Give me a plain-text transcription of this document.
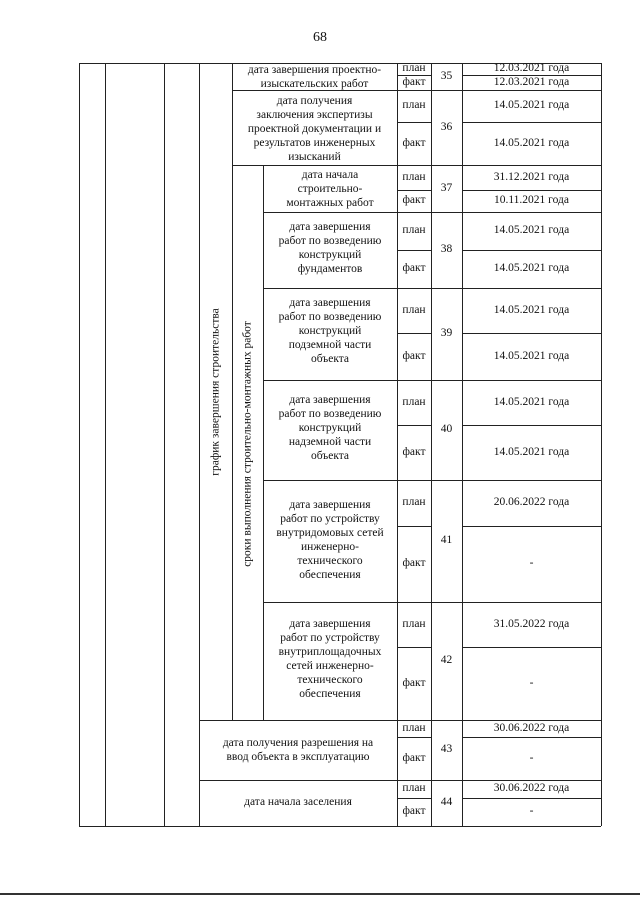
68
дата завершения проектно-
изыскательских работ
план
факт	35
12.03.2021 года
12.03.2021 года
дата получения
заключения экспертизы
проектной документации и
результатов инженерных
изысканий
план
факт
36
14.05.2021 года
14.05.2021 года
дата начала
строительно-
монтажных работ
план
факт
37
31.12.2021 года
10.11.2021 года
дата завершения
работ по возведению
конструкций
фундаментов
план
факт
38
14.05.2021 года
14.05.2021 года
дата завершения
работ по возведению
конструкций
подземной части
объекта
план
факт
39
14.05.2021 года
14.05.2021 года
дата завершения
работ по возведению
конструкций
надземной части
объекта
план
факт
40
14.05.2021 года
14.05.2021 года
дата завершения
работ по устройству
внутридомовых сетей
инженерно-
технического
обеспечения
план
факт
41
20.06.2022 года
-
дата завершения
работ по устройству
внутриплощадочных
сетей инженерно-
технического
обеспечения
план
факт
42
31.05.2022 года
-
дата получения разрешения на
ввод объекта в эксплуатацию
план
факт
43
30.06.2022 года
-
дата начала заселения
план
факт
44
30.06.2022 года
-
график завершения строительства сроки выполнения строительно-монтажных работ
